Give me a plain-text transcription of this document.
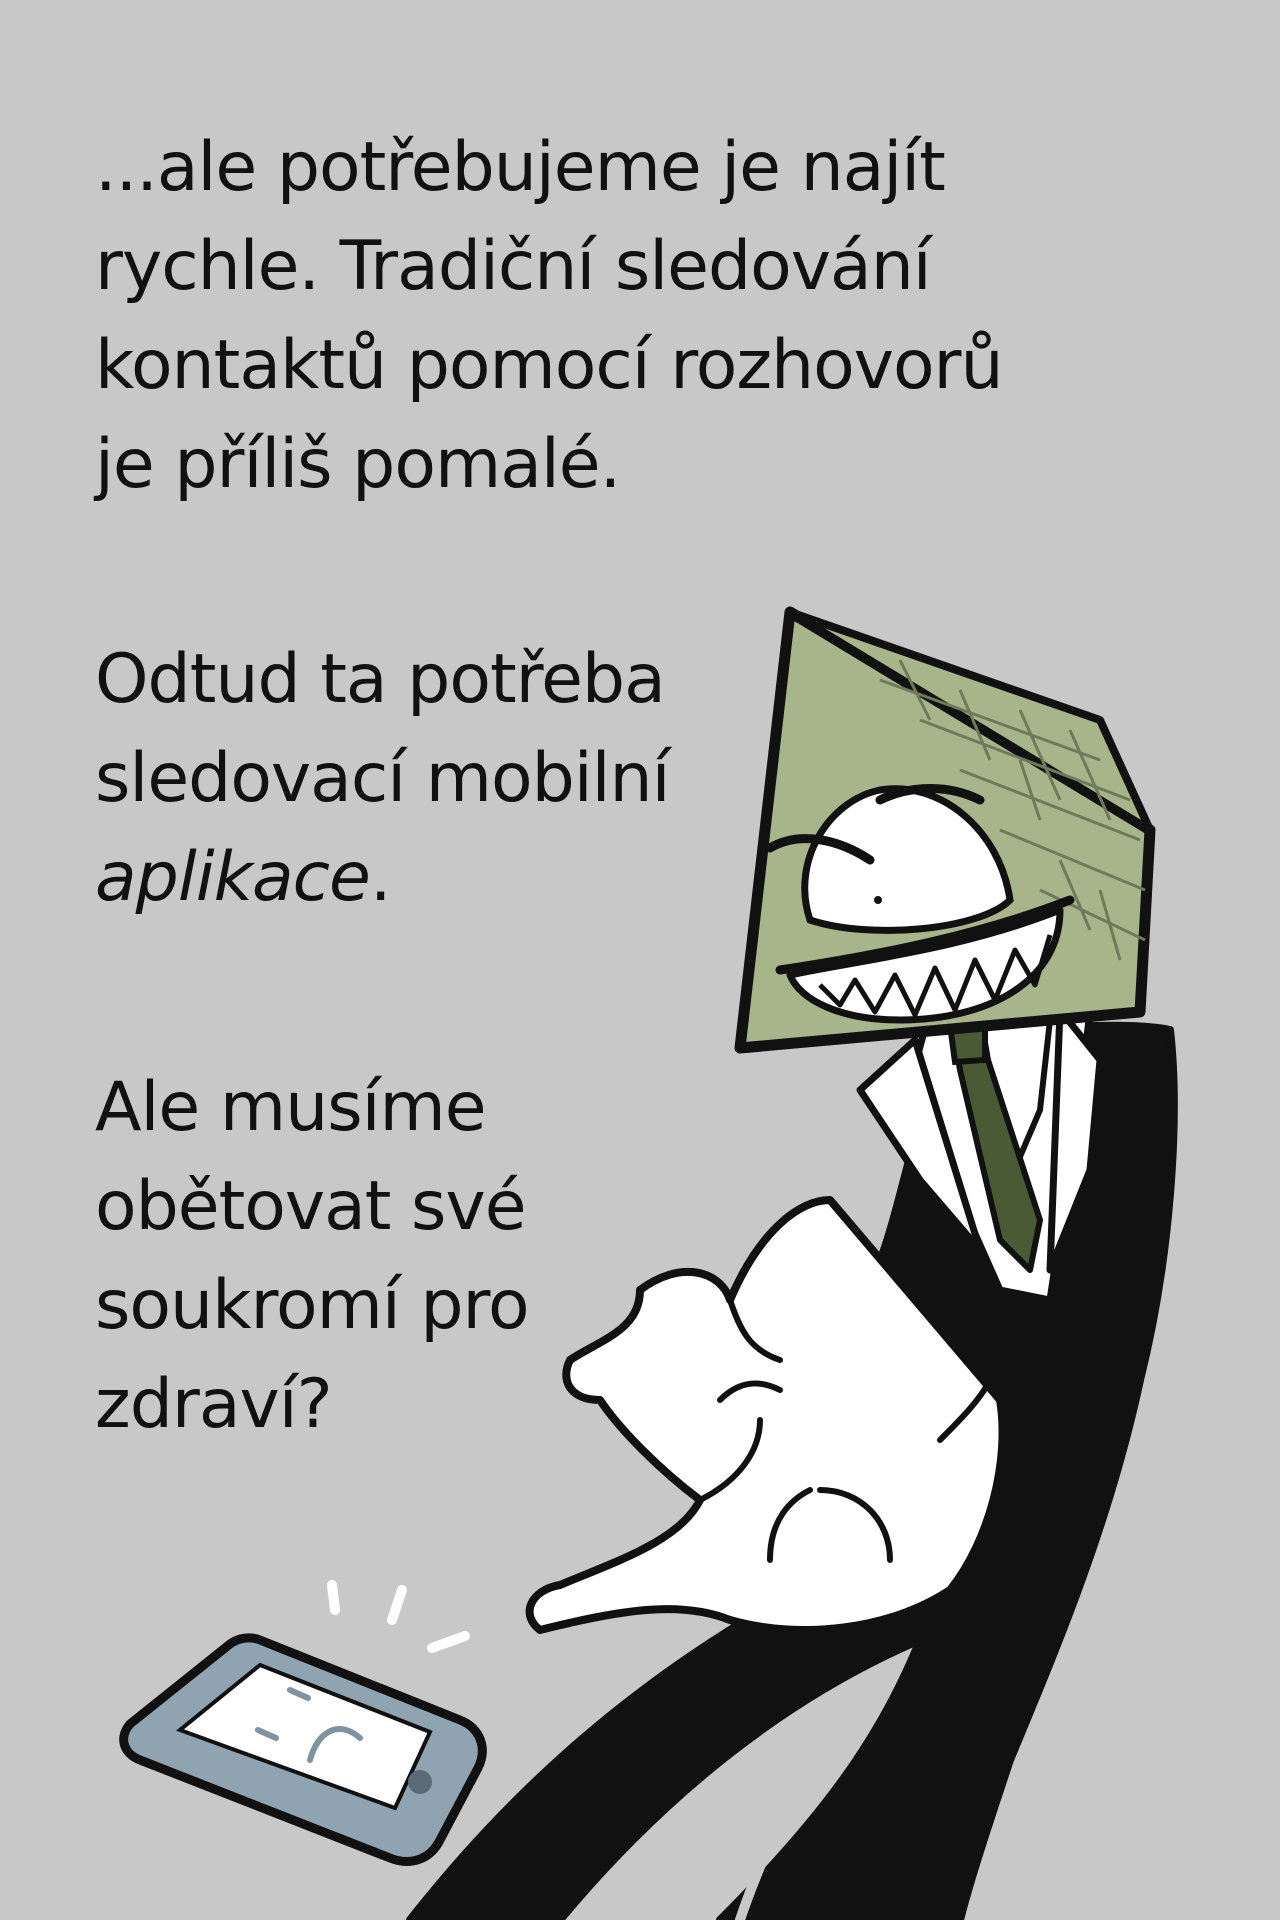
...ale potřebujeme je najít
rychle. Tradiční sledování
kontaktů pomocí rozhovorů
je příliš pomalé.

Odtud ta potřeba
sledovací mobilní
aplikace.

Ale musíme
obětovat své
soukromí pro
zdraví?
